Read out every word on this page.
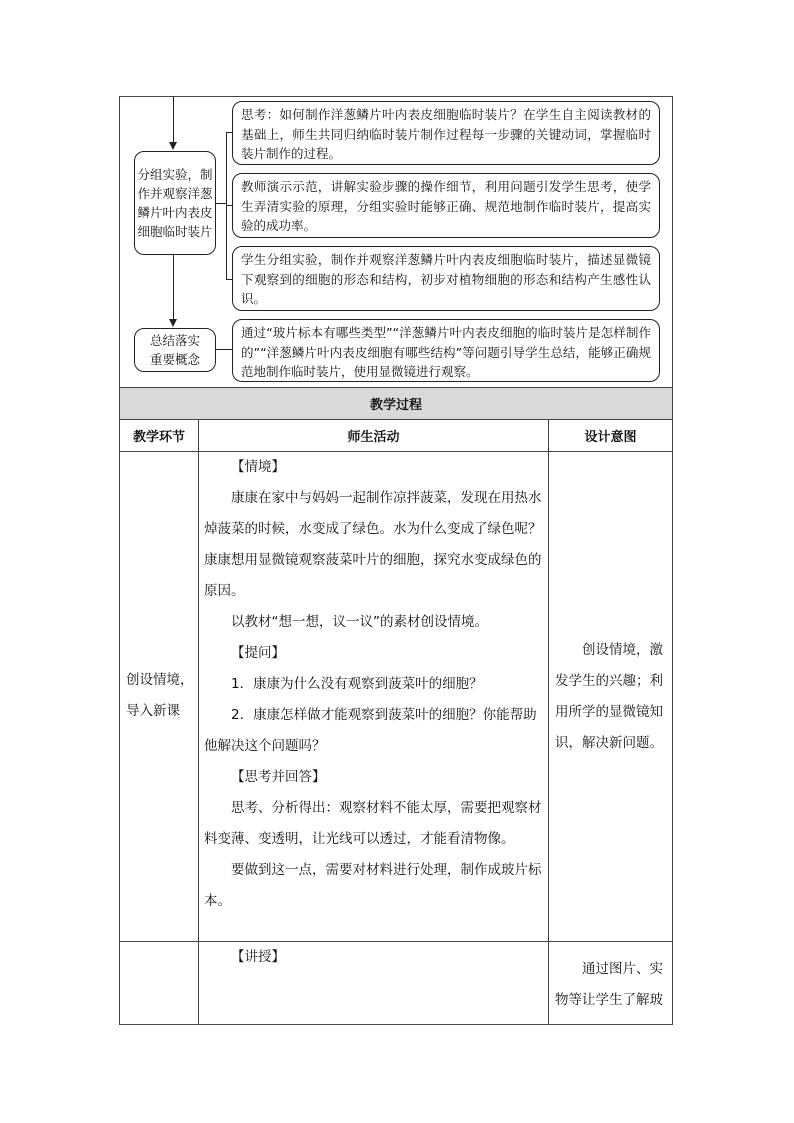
分组实验，制作并观察洋葱鳞片叶内表皮细胞临时装片
总结落实重要概念
思考：如何制作洋葱鳞片叶内表皮细胞临时装片？在学生自主阅读教材的基础上，师生共同归纳临时装片制作过程每一步骤的关键动词，掌握临时装片制作的过程。
教师演示示范，讲解实验步骤的操作细节，利用问题引发学生思考，使学生弄清实验的原理，分组实验时能够正确、规范地制作临时装片，提高实验的成功率。
学生分组实验，制作并观察洋葱鳞片叶内表皮细胞临时装片，描述显微镜下观察到的细胞的形态和结构，初步对植物细胞的形态和结构产生感性认识。
通过“玻片标本有哪些类型”“洋葱鳞片叶内表皮细胞的临时装片是怎样制作的”“洋葱鳞片叶内表皮细胞有哪些结构”等问题引导学生总结，能够正确规范地制作临时装片，使用显微镜进行观察。
教学过程
教学环节	师生活动	设计意图
创设情境，导入新课
【情境】
康康在家中与妈妈一起制作凉拌菠菜，发现在用热水焯菠菜的时候，水变成了绿色。水为什么变成了绿色呢？康康想用显微镜观察菠菜叶片的细胞，探究水变成绿色的原因。
以教材“想一想，议一议”的素材创设情境。
【提问】
1．康康为什么没有观察到菠菜叶的细胞？
2．康康怎样做才能观察到菠菜叶的细胞？你能帮助他解决这个问题吗？
【思考并回答】
思考、分析得出：观察材料不能太厚，需要把观察材料变薄、变透明，让光线可以透过，才能看清物像。
要做到这一点，需要对材料进行处理，制作成玻片标本。
创设情境，激发学生的兴趣；利用所学的显微镜知识，解决新问题。
【讲授】
通过图片、实物等让学生了解玻
